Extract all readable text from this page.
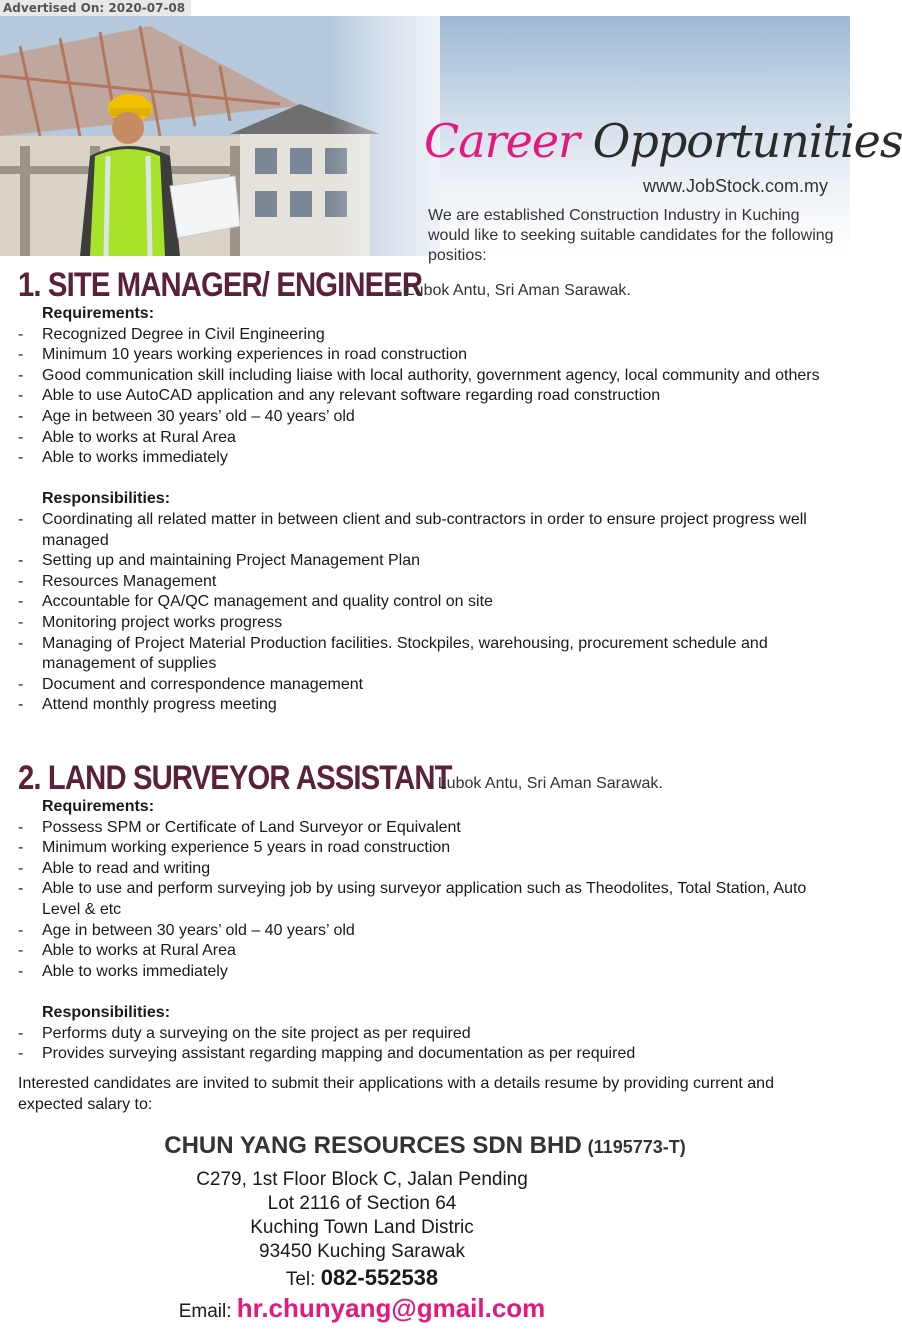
Advertised On: 2020-07-08
Career Opportunities
www.JobStock.com.my
We are established Construction Industry in Kuching would like to seeking suitable candidates for the following positios:
1. SITE MANAGER/ ENGINEER
- Lubok Antu, Sri Aman Sarawak.
Requirements:
- Recognized Degree in Civil Engineering
- Minimum 10 years working experiences in road construction
- Good communication skill including liaise with local authority, government agency, local community and others
- Able to use AutoCAD application and any relevant software regarding road construction
- Age in between 30 years’ old – 40 years’ old
- Able to works at Rural Area
- Able to works immediately
Responsibilities:
- Coordinating all related matter in between client and sub-contractors in order to ensure project progress well managed
- Setting up and maintaining Project Management Plan
- Resources Management
- Accountable for QA/QC management and quality control on site
- Monitoring project works progress
- Managing of Project Material Production facilities. Stockpiles, warehousing, procurement schedule and management of supplies
- Document and correspondence management
- Attend monthly progress meeting
2. LAND SURVEYOR ASSISTANT
- Lubok Antu, Sri Aman Sarawak.
Requirements:
- Possess SPM or Certificate of Land Surveyor or Equivalent
- Minimum working experience 5 years in road construction
- Able to read and writing
- Able to use and perform surveying job by using surveyor application such as Theodolites, Total Station, Auto Level & etc
- Age in between 30 years’ old – 40 years’ old
- Able to works at Rural Area
- Able to works immediately
Responsibilities:
- Performs duty a surveying on the site project as per required
- Provides surveying assistant regarding mapping and documentation as per required
Interested candidates are invited to submit their applications with a details resume by providing current and expected salary to:
CHUN YANG RESOURCES SDN BHD (1195773-T)
C279, 1st Floor Block C, Jalan Pending
Lot 2116 of Section 64
Kuching Town Land Distric
93450 Kuching Sarawak
Tel: 082-552538
Email: hr.chunyang@gmail.com
